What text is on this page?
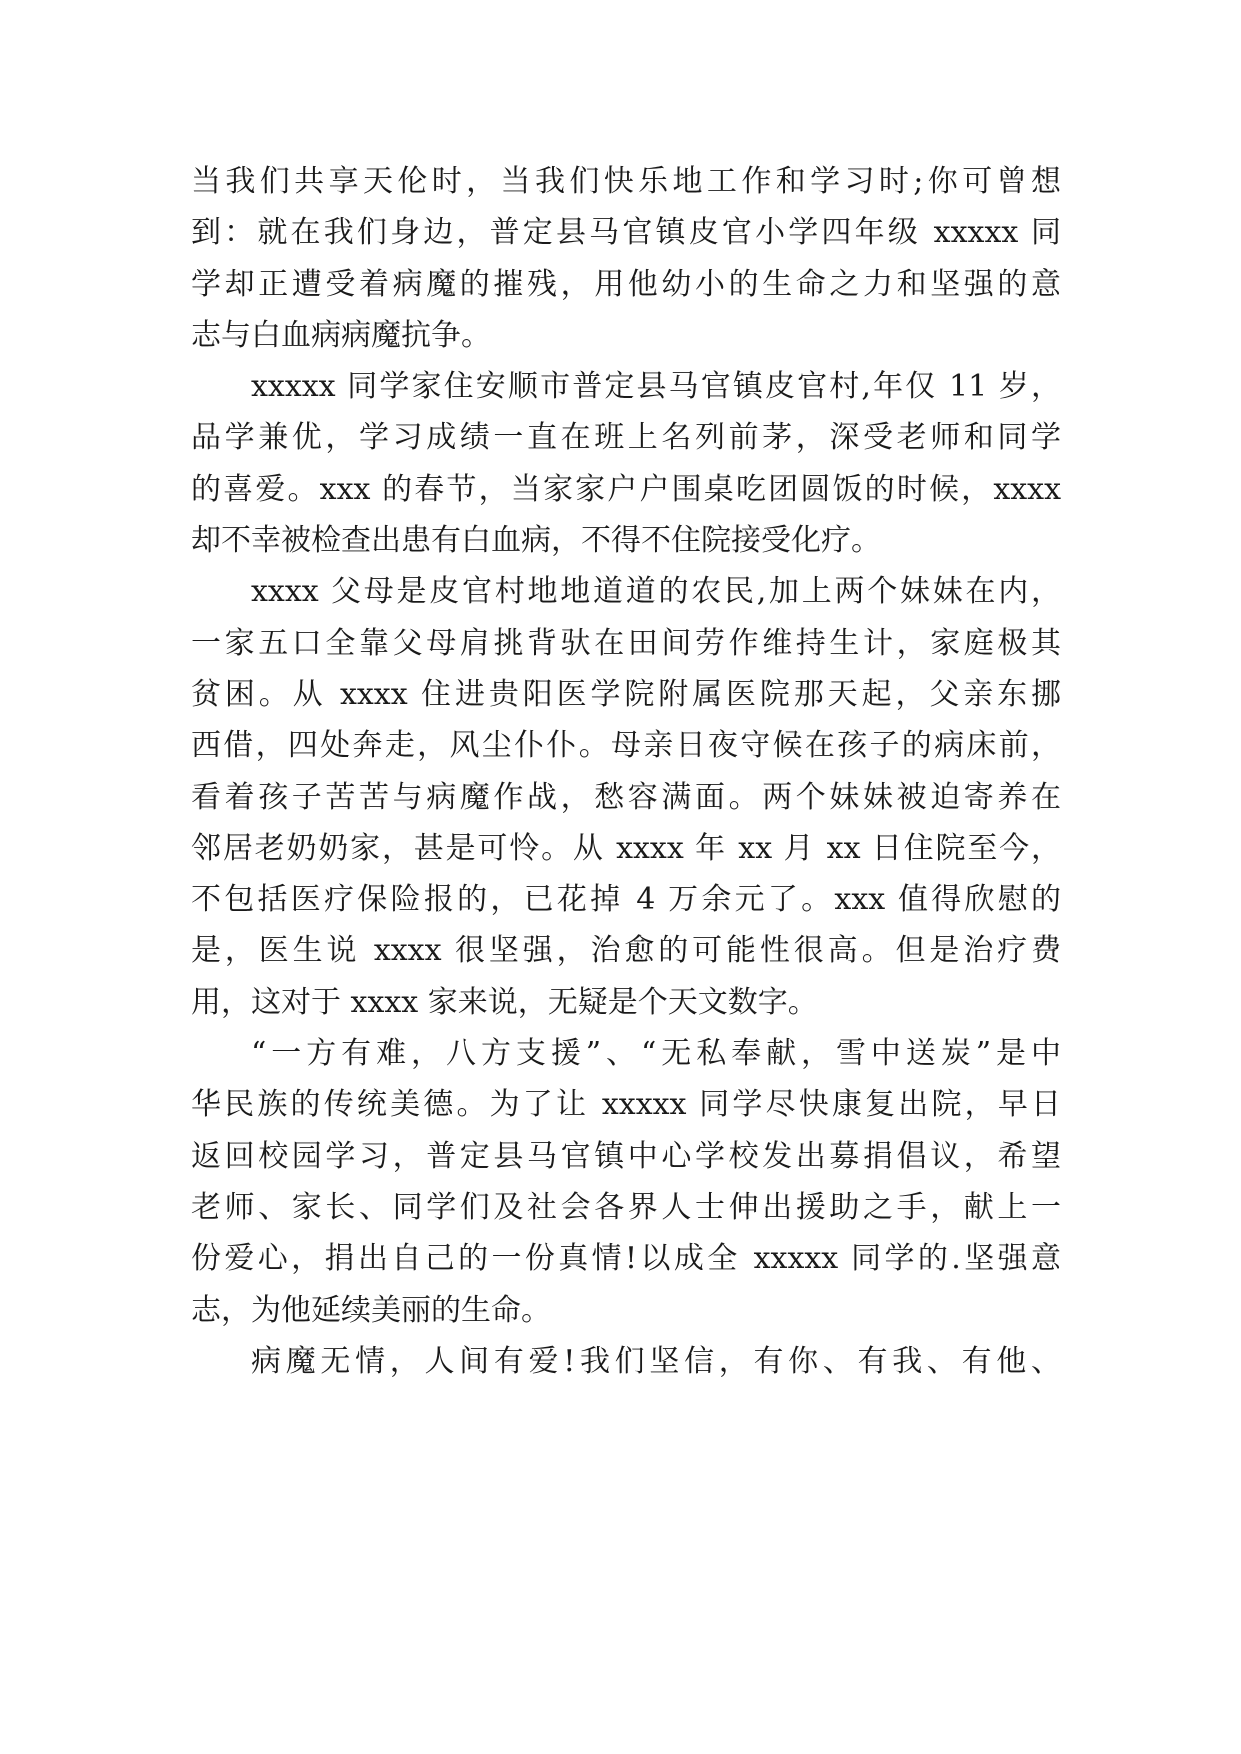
当我们共享天伦时，当我们快乐地工作和学习时;你可曾想
到：就在我们身边，普定县马官镇皮官小学四年级 xxxxx 同
学却正遭受着病魔的摧残，用他幼小的生命之力和坚强的意
志与白血病病魔抗争。
xxxxx 同学家住安顺市普定县马官镇皮官村,年仅 11 岁，
品学兼优，学习成绩一直在班上名列前茅，深受老师和同学
的喜爱。xxx 的春节，当家家户户围桌吃团圆饭的时候，xxxx
却不幸被检查出患有白血病，不得不住院接受化疗。
xxxx 父母是皮官村地地道道的农民,加上两个妹妹在内，
一家五口全靠父母肩挑背驮在田间劳作维持生计，家庭极其
贫困。从 xxxx 住进贵阳医学院附属医院那天起，父亲东挪
西借，四处奔走，风尘仆仆。母亲日夜守候在孩子的病床前，
看着孩子苦苦与病魔作战，愁容满面。两个妹妹被迫寄养在
邻居老奶奶家，甚是可怜。从 xxxx 年 xx 月 xx 日住院至今，
不包括医疗保险报的，已花掉 4 万余元了。xxx 值得欣慰的
是，医生说 xxxx 很坚强，治愈的可能性很高。但是治疗费
用，这对于 xxxx 家来说，无疑是个天文数字。
“一方有难，八方支援”、“无私奉献，雪中送炭”是中
华民族的传统美德。为了让 xxxxx 同学尽快康复出院，早日
返回校园学习，普定县马官镇中心学校发出募捐倡议，希望
老师、家长、同学们及社会各界人士伸出援助之手，献上一
份爱心，捐出自己的一份真情!以成全 xxxxx 同学的.坚强意
志，为他延续美丽的生命。
病魔无情，人间有爱!我们坚信，有你、有我、有他、
